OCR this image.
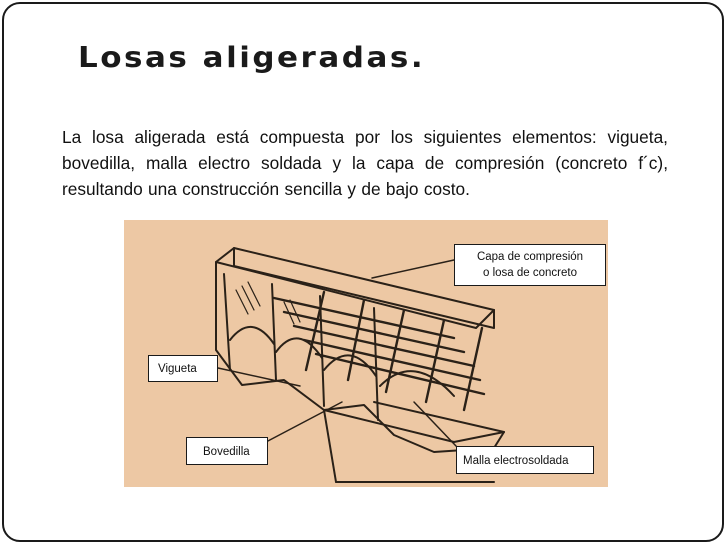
Losas aligeradas.
La losa aligerada está compuesta por los siguientes elementos: vigueta, bovedilla, malla electro soldada y la capa de compresión (concreto f´c), resultando una construcción sencilla y de bajo costo.
Capa de compresión
o losa de concreto
Vigueta
Bovedilla
Malla electrosoldada
